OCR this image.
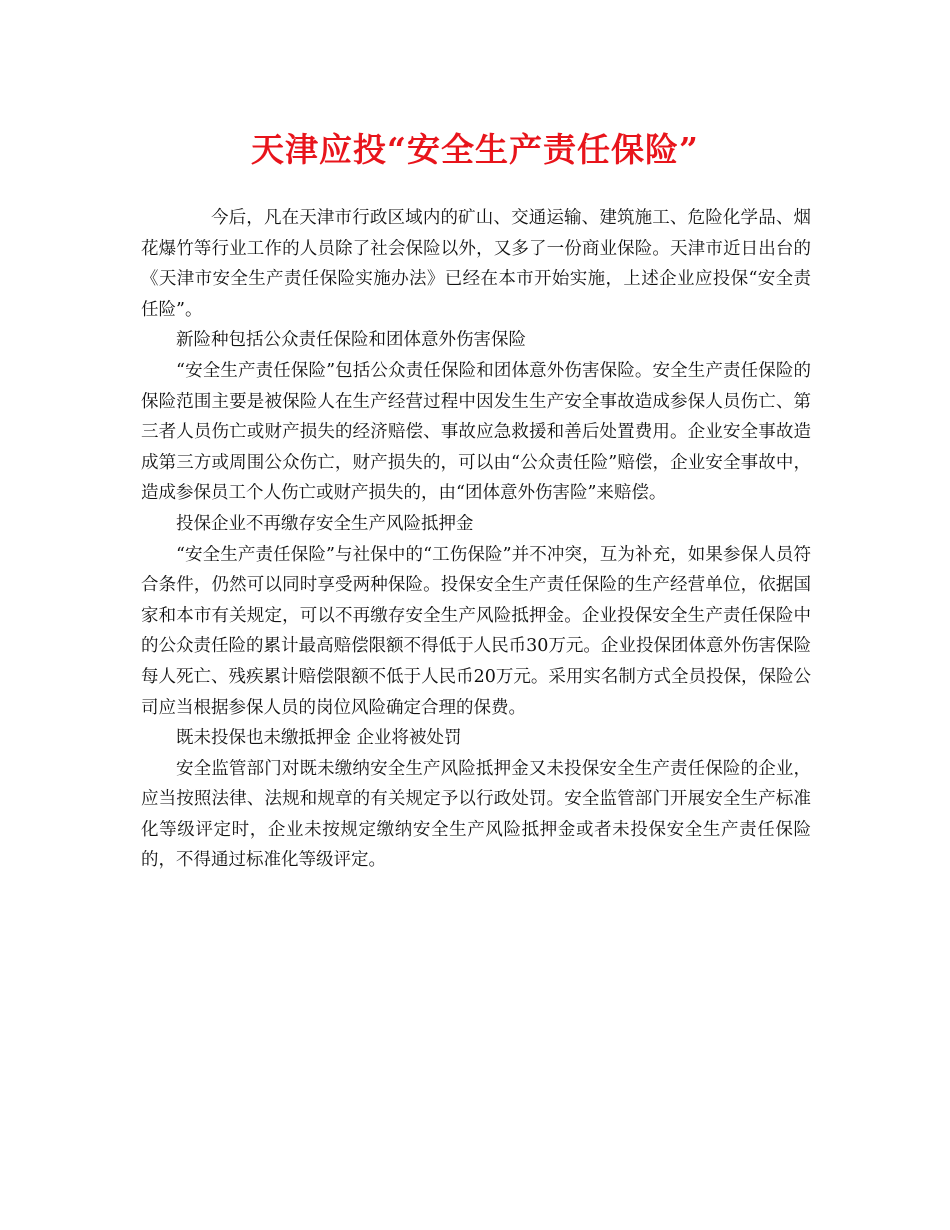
天津应投“安全生产责任保险”

今后，凡在天津市行政区域内的矿山、交通运输、建筑施工、危险化学品、烟花爆竹等行业工作的人员除了社会保险以外，又多了一份商业保险。天津市近日出台的《天津市安全生产责任保险实施办法》已经在本市开始实施，上述企业应投保“安全责任险”。

新险种包括公众责任保险和团体意外伤害保险

“安全生产责任保险”包括公众责任保险和团体意外伤害保险。安全生产责任保险的保险范围主要是被保险人在生产经营过程中因发生生产安全事故造成参保人员伤亡、第三者人员伤亡或财产损失的经济赔偿、事故应急救援和善后处置费用。企业安全事故造成第三方或周围公众伤亡，财产损失的，可以由“公众责任险”赔偿，企业安全事故中，造成参保员工个人伤亡或财产损失的，由“团体意外伤害险”来赔偿。

投保企业不再缴存安全生产风险抵押金

“安全生产责任保险”与社保中的“工伤保险”并不冲突，互为补充，如果参保人员符合条件，仍然可以同时享受两种保险。投保安全生产责任保险的生产经营单位，依据国家和本市有关规定，可以不再缴存安全生产风险抵押金。企业投保安全生产责任保险中的公众责任险的累计最高赔偿限额不得低于人民币30万元。企业投保团体意外伤害保险每人死亡、残疾累计赔偿限额不低于人民币20万元。采用实名制方式全员投保，保险公司应当根据参保人员的岗位风险确定合理的保费。

既未投保也未缴抵押金 企业将被处罚

安全监管部门对既未缴纳安全生产风险抵押金又未投保安全生产责任保险的企业，应当按照法律、法规和规章的有关规定予以行政处罚。安全监管部门开展安全生产标准化等级评定时，企业未按规定缴纳安全生产风险抵押金或者未投保安全生产责任保险的，不得通过标准化等级评定。
